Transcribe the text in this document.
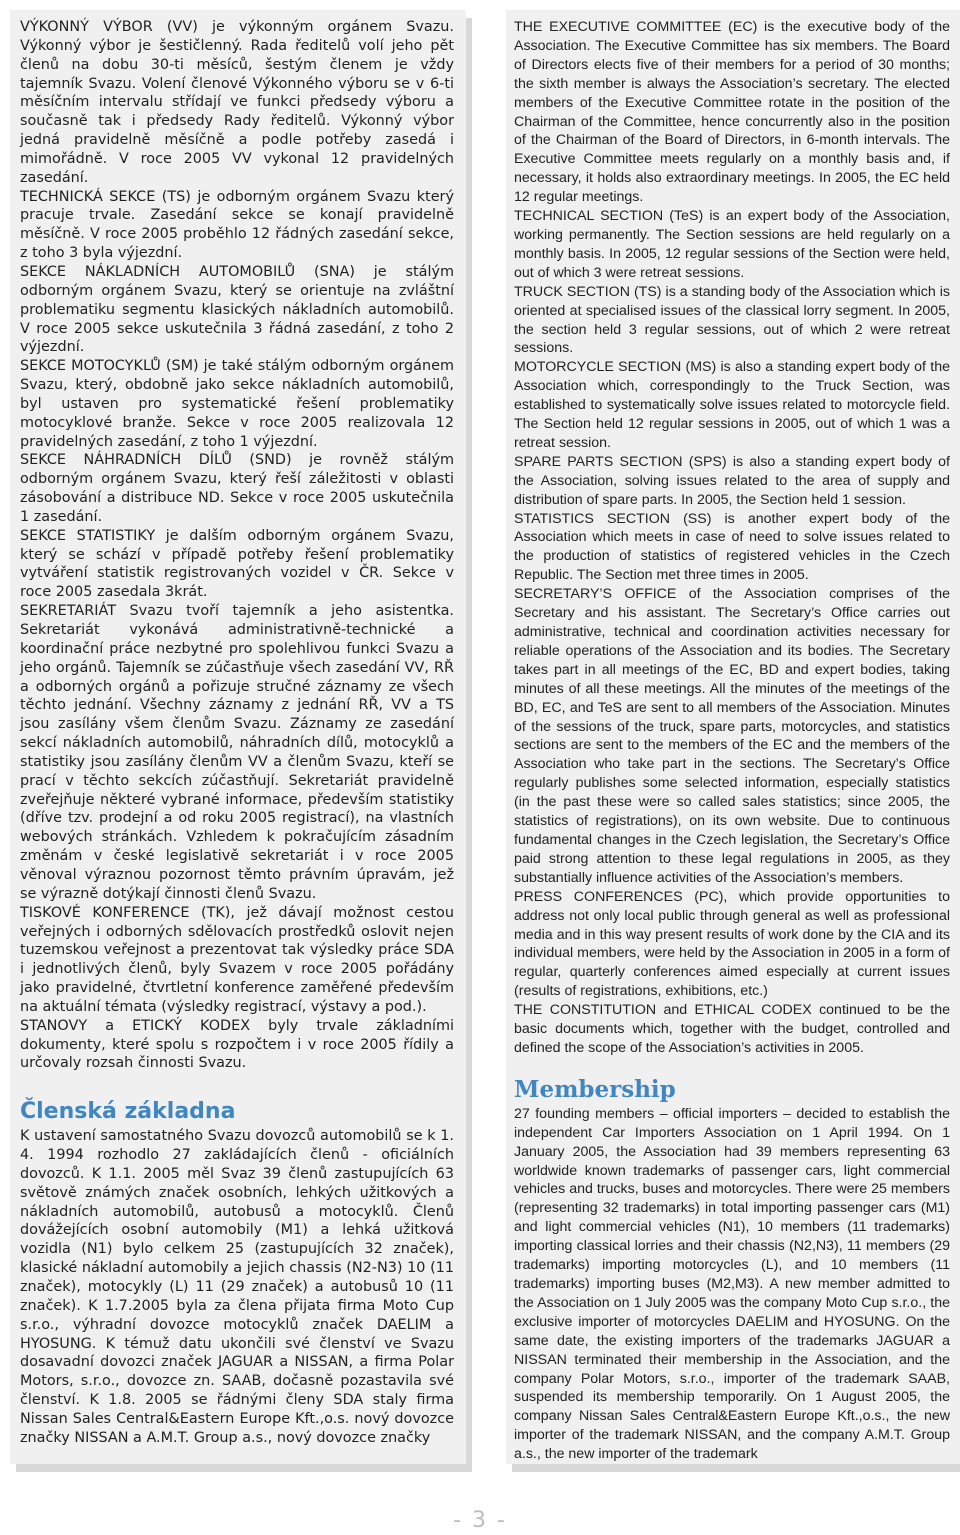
VÝKONNÝ VÝBOR (VV) je výkonným orgánem Svazu. Výkonný výbor je šestičlenný. Rada ředitelů volí jeho pět členů na dobu 30-ti měsíců, šestým členem je vždy tajemník Svazu. Volení členové Výkonného výboru se v 6-ti měsíčním intervalu střídají ve funkci předsedy výboru a současně tak i předsedy Rady ředitelů. Výkonný výbor jedná pravidelně měsíčně a podle potřeby zasedá i mimořádně. V roce 2005 VV vykonal 12 pravidelných zasedání.

TECHNICKÁ SEKCE (TS) je odborným orgánem Svazu který pracuje trvale. Zasedání sekce se konají pravidelně měsíčně. V roce 2005 proběhlo 12 řádných zasedání sekce, z toho 3 byla výjezdní.

SEKCE NÁKLADNÍCH AUTOMOBILŮ (SNA) je stálým odborným orgánem Svazu, který se orientuje na zvláštní problematiku segmentu klasických nákladních automobilů. V roce 2005 sekce uskutečnila 3 řádná zasedání, z toho 2 výjezdní.

SEKCE MOTOCYKLŮ (SM) je také stálým odborným orgánem Svazu, který, obdobně jako sekce nákladních automobilů, byl ustaven pro systematické řešení problematiky motocyklové branže. Sekce v roce 2005 realizovala 12 pravidelných zasedání, z toho 1 výjezdní.

SEKCE NÁHRADNÍCH DÍLŮ (SND) je rovněž stálým odborným orgánem Svazu, který řeší záležitosti v oblasti zásobování a distribuce ND. Sekce v roce 2005 uskutečnila 1 zasedání.

SEKCE STATISTIKY je dalším odborným orgánem Svazu, který se schází v případě potřeby řešení problematiky vytváření statistik registrovaných vozidel v ČR. Sekce v roce 2005 zasedala 3krát.

SEKRETARIÁT Svazu tvoří tajemník a jeho asistentka. Sekretariát vykonává administrativně-technické a koordinační práce nezbytné pro spolehlivou funkci Svazu a jeho orgánů. Tajemník se zúčastňuje všech zasedání VV, RŘ a odborných orgánů a pořizuje stručné záznamy ze všech těchto jednání. Všechny záznamy z jednání RŘ, VV a TS jsou zasílány všem členům Svazu. Záznamy ze zasedání sekcí nákladních automobilů, náhradních dílů, motocyklů a statistiky jsou zasílány členům VV a členům Svazu, kteří se prací v těchto sekcích zúčastňují. Sekretariát pravidelně zveřejňuje některé vybrané informace, především statistiky (dříve tzv. prodejní a od roku 2005 registrací), na vlastních webových stránkách. Vzhledem k pokračujícím zásadním změnám v české legislativě sekretariát i v roce 2005 věnoval výraznou pozornost těmto právním úpravám, jež se výrazně dotýkají činnosti členů Svazu.

TISKOVÉ KONFERENCE (TK), jež dávají možnost cestou veřejných i odborných sdělovacích prostředků oslovit nejen tuzemskou veřejnost a prezentovat tak výsledky práce SDA i jednotlivých členů, byly Svazem v roce 2005 pořádány jako pravidelné, čtvrtletní konference zaměřené především na aktuální témata (výsledky registrací, výstavy a pod.).

STANOVY a ETICKÝ KODEX byly trvale základními dokumenty, které spolu s rozpočtem i v roce 2005 řídily a určovaly rozsah činnosti Svazu.

Členská základna

K ustavení samostatného Svazu dovozců automobilů se k 1. 4. 1994 rozhodlo 27 zakládajících členů - oficiálních dovozců. K 1.1. 2005 měl Svaz 39 členů zastupujících 63 světově známých značek osobních, lehkých užitkových a nákladních automobilů, autobusů a motocyklů. Členů dovážejících osobní automobily (M1) a lehká užitková vozidla (N1) bylo celkem 25 (zastupujících 32 značek), klasické nákladní automobily a jejich chassis (N2-N3) 10 (11 značek), motocykly (L) 11 (29 značek) a autobusů 10 (11 značek). K 1.7.2005 byla za člena přijata firma Moto Cup s.r.o., výhradní dovozce motocyklů značek DAELIM a HYOSUNG. K témuž datu ukončili své členství ve Svazu dosavadní dovozci značek JAGUAR a NISSAN, a firma Polar Motors, s.r.o., dovozce zn. SAAB, dočasně pozastavila své členství. K 1.8. 2005 se řádnými členy SDA staly firma Nissan Sales Central&Eastern Europe Kft.,o.s. nový dovozce značky NISSAN a A.M.T. Group a.s., nový dovozce značky

THE EXECUTIVE COMMITTEE (EC) is the executive body of the Association. The Executive Committee has six members. The Board of Directors elects five of their members for a period of 30 months; the sixth member is always the Association’s secretary. The elected members of the Executive Committee rotate in the position of the Chairman of the Committee, hence concurrently also in the position of the Chairman of the Board of Directors, in 6-month intervals. The Executive Committee meets regularly on a monthly basis and, if necessary, it holds also extraordinary meetings. In 2005, the EC held 12 regular meetings.

TECHNICAL SECTION (TeS) is an expert body of the Association, working permanently. The Section sessions are held regularly on a monthly basis. In 2005, 12 regular sessions of the Section were held, out of which 3 were retreat sessions.

TRUCK SECTION (TS) is a standing body of the Association which is oriented at specialised issues of the classical lorry segment. In 2005, the section held 3 regular sessions, out of which 2 were retreat sessions.

MOTORCYCLE SECTION (MS) is also a standing expert body of the Association which, correspondingly to the Truck Section, was established to systematically solve issues related to motorcycle field. The Section held 12 regular sessions in 2005, out of which 1 was a retreat session.

SPARE PARTS SECTION (SPS) is also a standing expert body of the Association, solving issues related to the area of supply and distribution of spare parts. In 2005, the Section held 1 session.

STATISTICS SECTION (SS) is another expert body of the Association which meets in case of need to solve issues related to the production of statistics of registered vehicles in the Czech Republic. The Section met three times in 2005.

SECRETARY’S OFFICE of the Association comprises of the Secretary and his assistant. The Secretary’s Office carries out administrative, technical and coordination activities necessary for reliable operations of the Association and its bodies. The Secretary takes part in all meetings of the EC, BD and expert bodies, taking minutes of all these meetings. All the minutes of the meetings of the BD, EC, and TeS are sent to all members of the Association. Minutes of the sessions of the truck, spare parts, motorcycles, and statistics sections are sent to the members of the EC and the members of the Association who take part in the sections. The Secretary’s Office regularly publishes some selected information, especially statistics (in the past these were so called sales statistics; since 2005, the statistics of registrations), on its own website. Due to continuous fundamental changes in the Czech legislation, the Secretary’s Office paid strong attention to these legal regulations in 2005, as they substantially influence activities of the Association’s members.

PRESS CONFERENCES (PC), which provide opportunities to address not only local public through general as well as professional media and in this way present results of work done by the CIA and its individual members, were held by the Association in 2005 in a form of regular, quarterly conferences aimed especially at current issues (results of registrations, exhibitions, etc.)

THE CONSTITUTION and ETHICAL CODEX continued to be the basic documents which, together with the budget, controlled and defined the scope of the Association’s activities in 2005.

Membership

27 founding members – official importers – decided to establish the independent Car Importers Association on 1 April 1994. On 1 January 2005, the Association had 39 members representing 63 worldwide known trademarks of passenger cars, light commercial vehicles and trucks, buses and motorcycles. There were 25 members (representing 32 trademarks) in total importing passenger cars (M1) and light commercial vehicles (N1), 10 members (11 trademarks) importing classical lorries and their chassis (N2,N3), 11 members (29 trademarks) importing motorcycles (L), and 10 members (11 trademarks) importing buses (M2,M3). A new member admitted to the Association on 1 July 2005 was the company Moto Cup s.r.o., the exclusive importer of motorcycles DAELIM and HYOSUNG. On the same date, the existing importers of the trademarks JAGUAR a NISSAN terminated their membership in the Association, and the company Polar Motors, s.r.o., importer of the trademark SAAB, suspended its membership temporarily. On 1 August 2005, the company Nissan Sales Central&Eastern Europe Kft.,o.s., the new importer of the trademark NISSAN, and the company A.M.T. Group a.s., the new importer of the trademark

- 3 -
